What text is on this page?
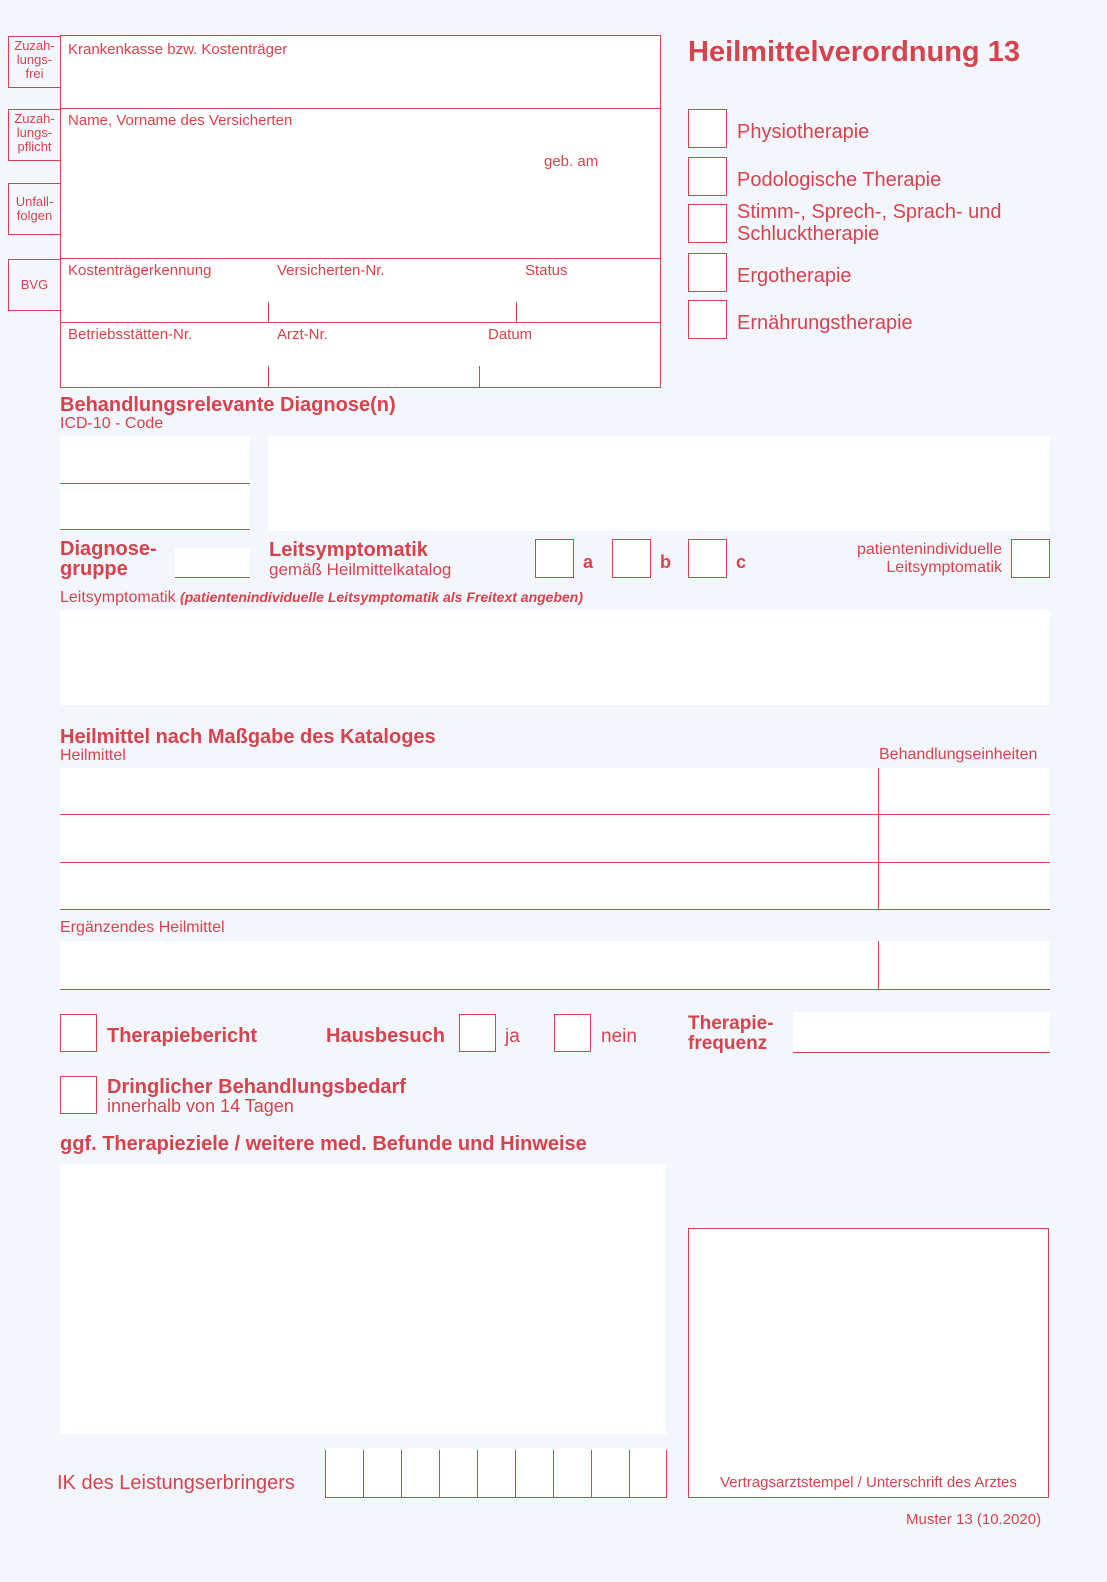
Heilmittelverordnung 13
Zuzah-
lungs-
frei
Zuzah-
lungs-
pflicht
Unfall-
folgen
BVG
Krankenkasse bzw. Kostenträger
Name, Vorname des Versicherten
geb. am
Kostenträgerkennung	Versicherten-Nr.	Status
Betriebsstätten-Nr.	Arzt-Nr.	Datum
Physiotherapie
Podologische Therapie
Stimm-, Sprech-, Sprach- und
Schlucktherapie
Ergotherapie
Ernährungstherapie
Behandlungsrelevante Diagnose(n)
ICD-10 - Code
Diagnose-
gruppe
Leitsymptomatik
gemäß Heilmittelkatalog	a	b	c
patientenindividuelle
Leitsymptomatik
Leitsymptomatik (patientenindividuelle Leitsymptomatik als Freitext angeben)
Heilmittel nach Maßgabe des Kataloges
Heilmittel	Behandlungseinheiten
Ergänzendes Heilmittel
Therapiebericht	Hausbesuch	ja	nein
Therapie-
frequenz
Dringlicher Behandlungsbedarf
innerhalb von 14 Tagen
ggf. Therapieziele / weitere med. Befunde und Hinweise
Vertragsarztstempel / Unterschrift des Arztes
IK des Leistungserbringers
Muster 13 (10.2020)
